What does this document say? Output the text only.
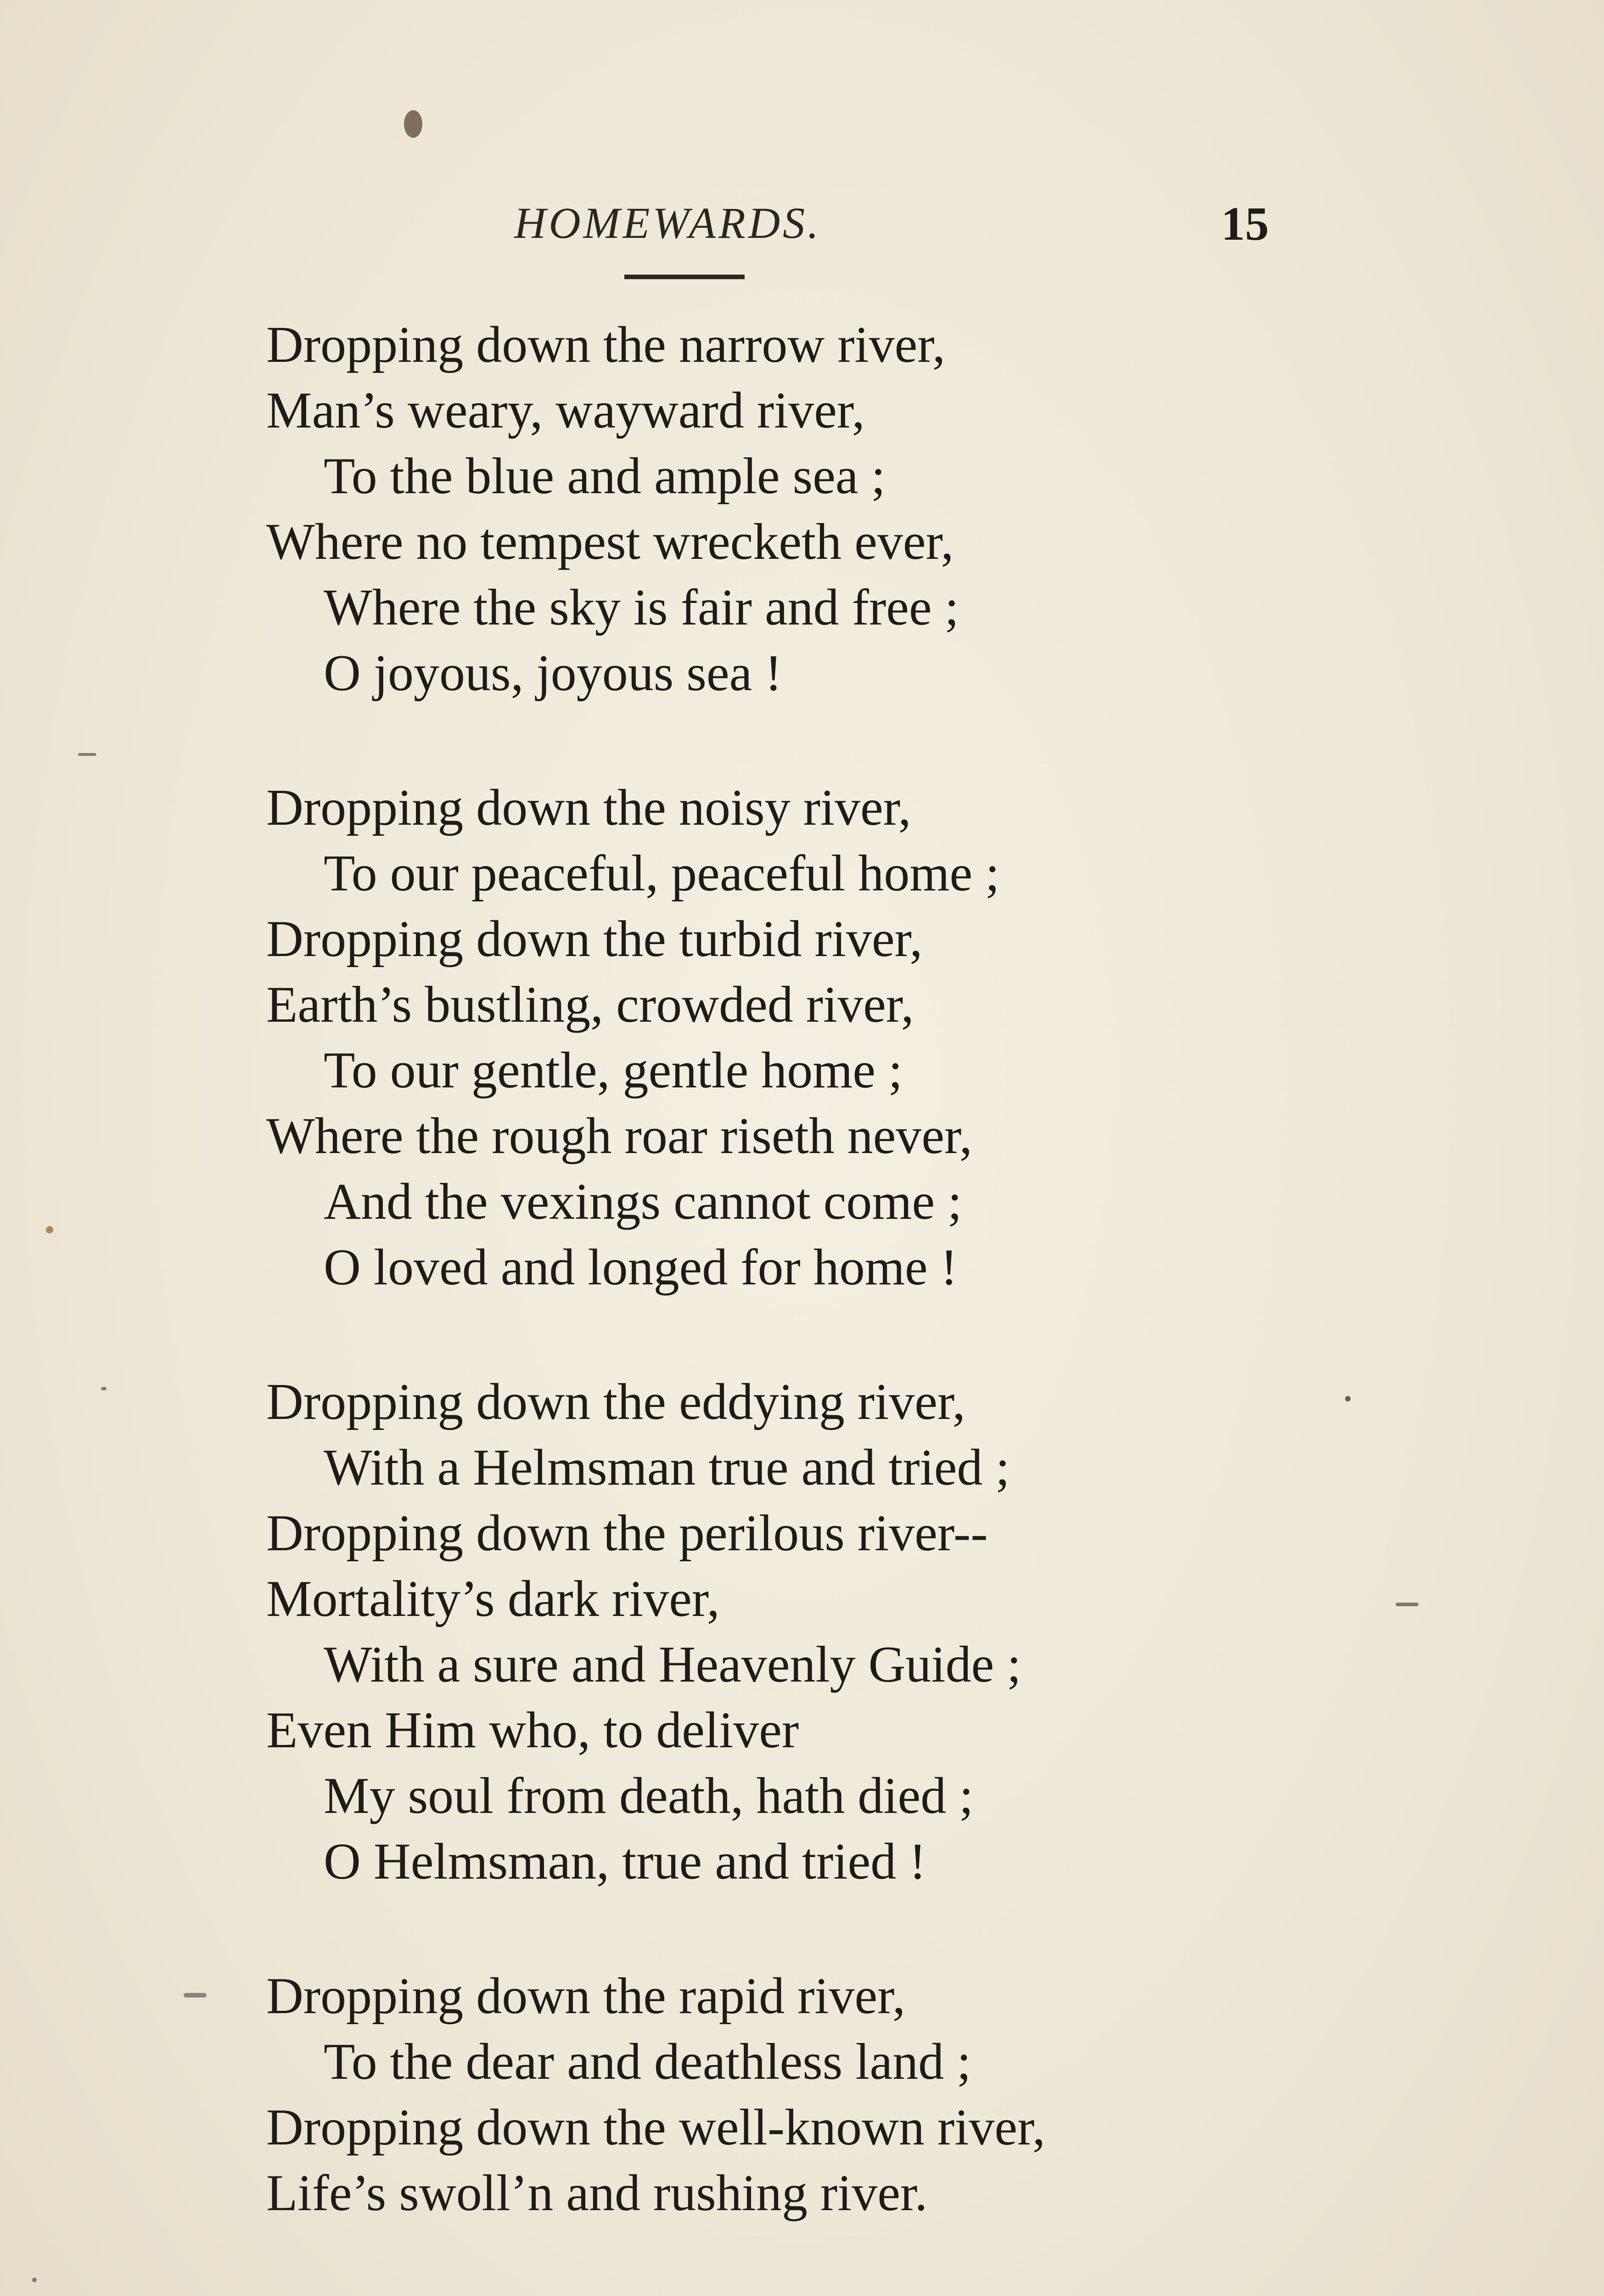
HOMEWARDS.	15
Dropping down the narrow river,
Man’s weary, wayward river,
To the blue and ample sea ;
Where no tempest wrecketh ever,
Where the sky is fair and free ;
O joyous, joyous sea !
Dropping down the noisy river,
To our peaceful, peaceful home ;
Dropping down the turbid river,
Earth’s bustling, crowded river,
To our gentle, gentle home ;
Where the rough roar riseth never,
And the vexings cannot come ;
O loved and longed for home !
Dropping down the eddying river,
With a Helmsman true and tried ;
Dropping down the perilous river--
Mortality’s dark river,
With a sure and Heavenly Guide ;
Even Him who, to deliver
My soul from death, hath died ;
O Helmsman, true and tried !
Dropping down the rapid river,
To the dear and deathless land ;
Dropping down the well-known river,
Life’s swoll’n and rushing river.
